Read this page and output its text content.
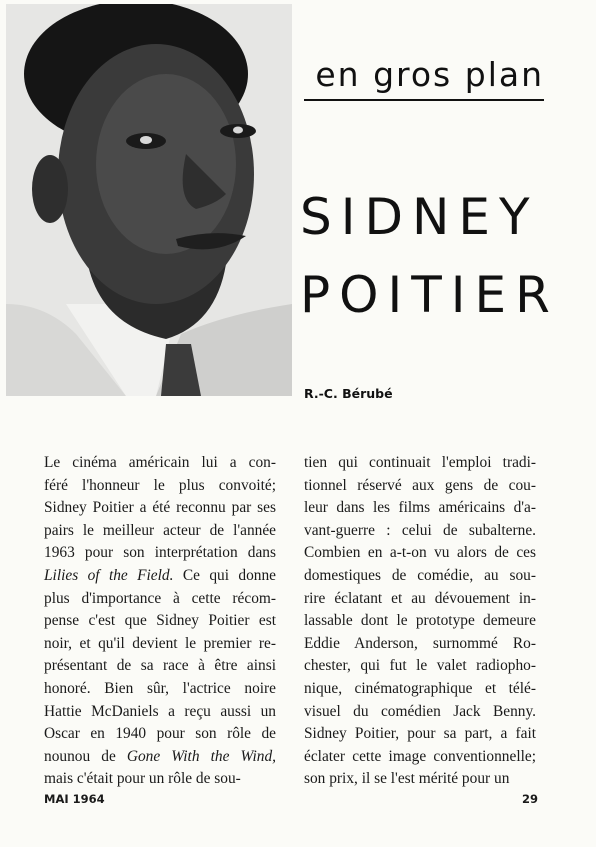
en gros plan
SIDNEY
POITIER
R.-C. Bérubé
Le cinéma américain lui a con-
féré l'honneur le plus convoité;
Sidney Poitier a été reconnu par ses
pairs le meilleur acteur de l'année
1963 pour son interprétation dans
Lilies of the Field. Ce qui donne
plus d'importance à cette récom-
pense c'est que Sidney Poitier est
noir, et qu'il devient le premier re-
présentant de sa race à être ainsi
honoré. Bien sûr, l'actrice noire
Hattie McDaniels a reçu aussi un
Oscar en 1940 pour son rôle de
nounou de Gone With the Wind,
mais c'était pour un rôle de sou-
tien qui continuait l'emploi tradi-
tionnel réservé aux gens de cou-
leur dans les films américains d'a-
vant-guerre : celui de subalterne.
Combien en a-t-on vu alors de ces
domestiques de comédie, au sou-
rire éclatant et au dévouement in-
lassable dont le prototype demeure
Eddie Anderson, surnommé Ro-
chester, qui fut le valet radiopho-
nique, cinématographique et télé-
visuel du comédien Jack Benny.
Sidney Poitier, pour sa part, a fait
éclater cette image conventionnelle;
son prix, il se l'est mérité pour un
MAI 1964	29
